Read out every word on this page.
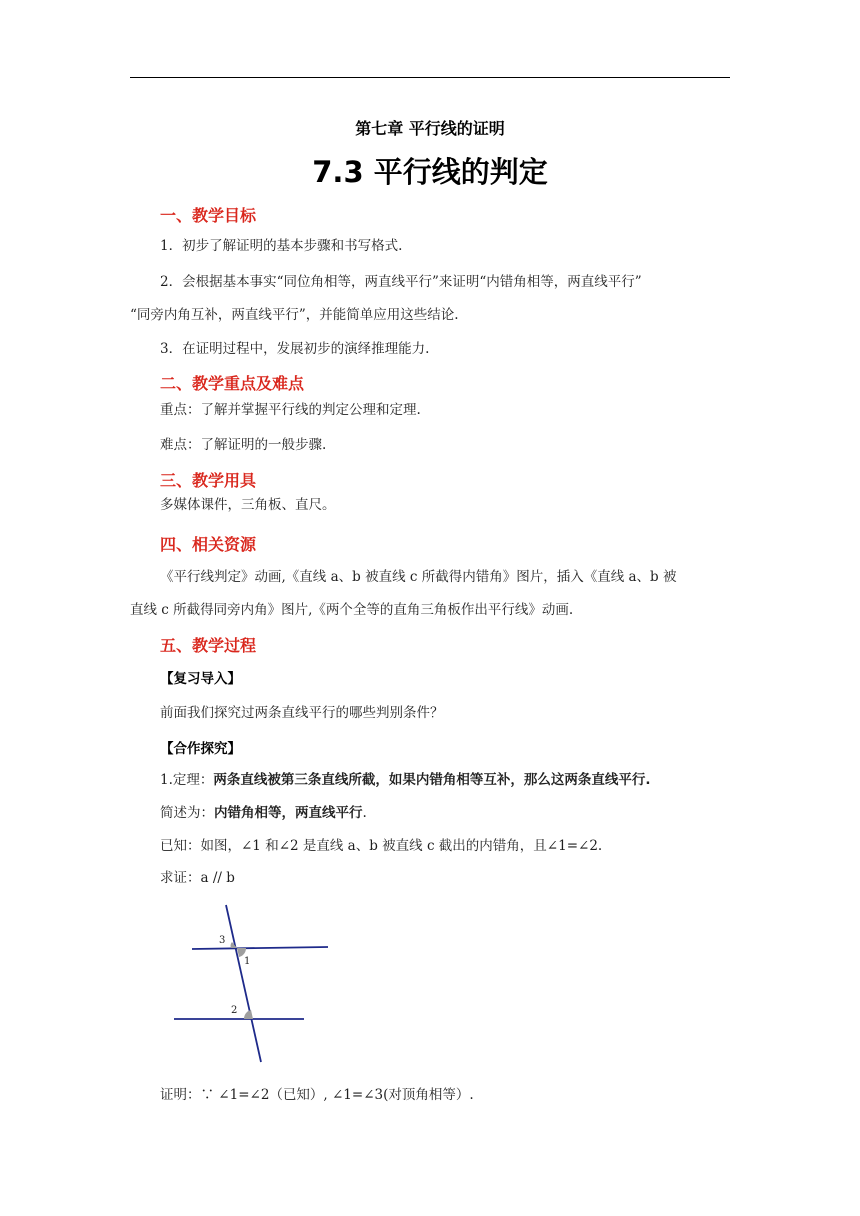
第七章 平行线的证明
7.3 平行线的判定
一、教学目标
1．初步了解证明的基本步骤和书写格式.
2．会根据基本事实“同位角相等，两直线平行”来证明“内错角相等，两直线平行”
“同旁内角互补，两直线平行”，并能简单应用这些结论.
3．在证明过程中，发展初步的演绎推理能力.
二、教学重点及难点
重点：了解并掌握平行线的判定公理和定理.
难点：了解证明的一般步骤.
三、教学用具
多媒体课件，三角板、直尺。
四、相关资源
《平行线判定》动画,《直线 a、b 被直线 c 所截得内错角》图片，插入《直线 a、b 被
直线 c 所截得同旁内角》图片,《两个全等的直角三角板作出平行线》动画.
五、教学过程
【复习导入】
前面我们探究过两条直线平行的哪些判别条件？
【合作探究】
1.定理：两条直线被第三条直线所截，如果内错角相等互补，那么这两条直线平行.
简述为：内错角相等，两直线平行.
已知：如图，∠1 和∠2 是直线 a、b 被直线 c 截出的内错角，且∠1=∠2.
求证：a // b
3
1
2
证明：∵ ∠1=∠2（已知）, ∠1=∠3(对顶角相等）.
